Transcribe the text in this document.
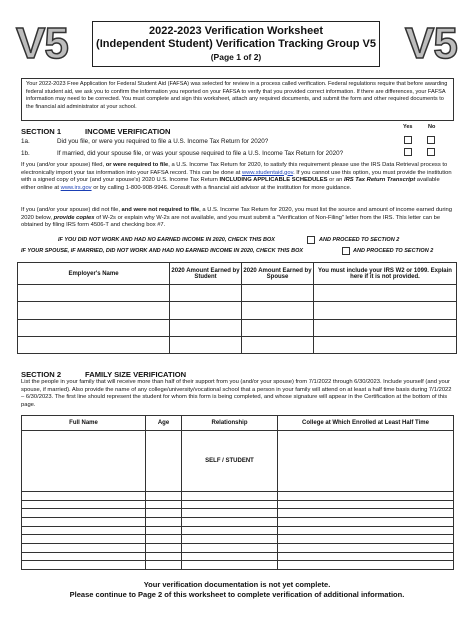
V5	V5
2022-2023 Verification Worksheet
(Independent Student) Verification Tracking Group V5
(Page 1 of 2)
Your 2022-2023 Free Application for Federal Student Aid (FAFSA) was selected for review in a process called verification. Federal regulations require that before awarding federal student aid, we ask you to confirm the information you reported on your FAFSA to verify that you provided correct information. If there are differences, your FAFSA information may need to be corrected. You must complete and sign this worksheet, attach any required documents, and submit the form and other required documents to the financial aid administrator at your school.
SECTION 1	INCOME VERIFICATION	Yes	No
1a.	Did you file, or were you required to file a U.S. Income Tax Return for 2020?
1b.	If married, did your spouse file, or was your spouse required to file a U.S. Income Tax Return for 2020?
If you (and/or your spouse) filed, or were required to file, a U.S. Income Tax Return for 2020, to satisfy this requirement please use the IRS Data Retrieval process to electronically import your tax information into your FAFSA record. This can be done at www.studentaid.gov. If you cannot use this option, you must provide the institution with a signed copy of your (and your spouse's) 2020 U.S. Income Tax Return INCLUDING APPLICABLE SCHEDULES or an IRS Tax Return Transcript available either online at www.irs.gov or by calling 1-800-908-9946. Consult with a financial aid advisor at the institution for more guidance.
If you (and/or your spouse) did not file, and were not required to file, a U.S. Income Tax Return for 2020, you must list the source and amount of income earned during 2020 below, provide copies of W-2s or explain why W-2s are not available, and you must submit a "Verification of Non-Filing" letter from the IRS. This letter can be obtained by filing IRS form 4506-T and checking box #7.
IF YOU DID NOT WORK AND HAD NO EARNED INCOME IN 2020, CHECK THIS BOX	AND PROCEED TO SECTION 2
IF YOUR SPOUSE, IF MARRIED, DID NOT WORK AND HAD NO EARNED INCOME IN 2020, CHECK THIS BOX	AND PROCEED TO SECTION 2
Employer's Name	2020 Amount Earned by Student	2020 Amount Earned by Spouse	You must include your IRS W2 or 1099. Explain here if it is not provided.

SECTION 2	FAMILY SIZE VERIFICATION
List the people in your family that will receive more than half of their support from you (and/or your spouse) from 7/1/2022 through 6/30/2023. Include yourself (and your spouse, if married). Also provide the name of any college/university/vocational school that a person in your family will attend on at least a half time basis during 7/1/2022 – 6/30/2023. The first line should represent the student for whom this form is being completed, and whose signature will appear in the Certification at the bottom of this page.
Full Name	Age	Relationship	College at Which Enrolled at Least Half Time
		SELF / STUDENT	

Your verification documentation is not yet complete.
Please continue to Page 2 of this worksheet to complete verification of additional information.
